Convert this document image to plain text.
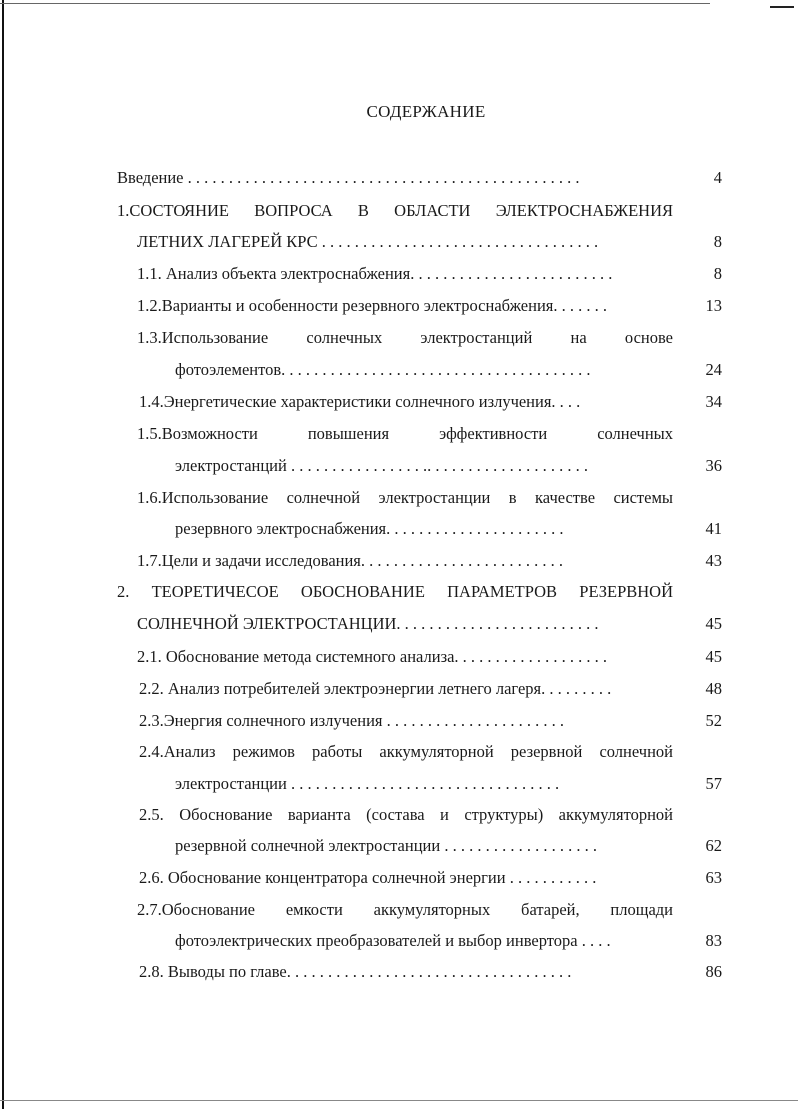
СОДЕРЖАНИЕ
Введение . . . . . . . . . . . . . . . . . . . . . . . . . . . . . . . . . . . . . . . . . . . . . . . .	4
1.СОСТОЯНИЕ ВОПРОСА В ОБЛАСТИ ЭЛЕКТРОСНАБЖЕНИЯ
ЛЕТНИХ ЛАГЕРЕЙ КРС . . . . . . . . . . . . . . . . . . . . . . . . . . . . . . . . . .	8
1.1. Анализ объекта электроснабжения. . . . . . . . . . . . . . . . . . . . . . . . .	8
1.2.Варианты и особенности резервного электроснабжения. . . . . . .	13
1.3.Использование солнечных электростанций на основе
фотоэлементов. . . . . . . . . . . . . . . . . . . . . . . . . . . . . . . . . . . . . .	24
1.4.Энергетические характеристики солнечного излучения. . . .	34
1.5.Возможности повышения эффективности солнечных
электростанций . . . . . . . . . . . . . . . . .. . . . . . . . . . . . . . . . . . . .	36
1.6.Использование солнечной электростанции в качестве системы
резервного электроснабжения. . . . . . . . . . . . . . . . . . . . . .	41
1.7.Цели и задачи исследования. . . . . . . . . . . . . . . . . . . . . . . . .	43
2. ТЕОРЕТИЧЕСОЕ ОБОСНОВАНИЕ ПАРАМЕТРОВ РЕЗЕРВНОЙ
СОЛНЕЧНОЙ ЭЛЕКТРОСТАНЦИИ. . . . . . . . . . . . . . . . . . . . . . . . .	45
2.1. Обоснование метода системного анализа. . . . . . . . . . . . . . . . . . .	45
2.2. Анализ потребителей электроэнергии летнего лагеря. . . . . . . . .	48
2.3.Энергия солнечного излучения . . . . . . . . . . . . . . . . . . . . . .	52
2.4.Анализ режимов работы аккумуляторной резервной солнечной
электростанции . . . . . . . . . . . . . . . . . . . . . . . . . . . . . . . . .	57
2.5. Обоснование варианта (состава и структуры) аккумуляторной
резервной солнечной электростанции . . . . . . . . . . . . . . . . . . .	62
2.6. Обоснование концентратора солнечной энергии . . . . . . . . . . .	63
2.7.Обоснование емкости аккумуляторных батарей, площади
фотоэлектрических преобразователей и выбор инвертора . . . .	83
2.8. Выводы по главе. . . . . . . . . . . . . . . . . . . . . . . . . . . . . . . . . . .	86
